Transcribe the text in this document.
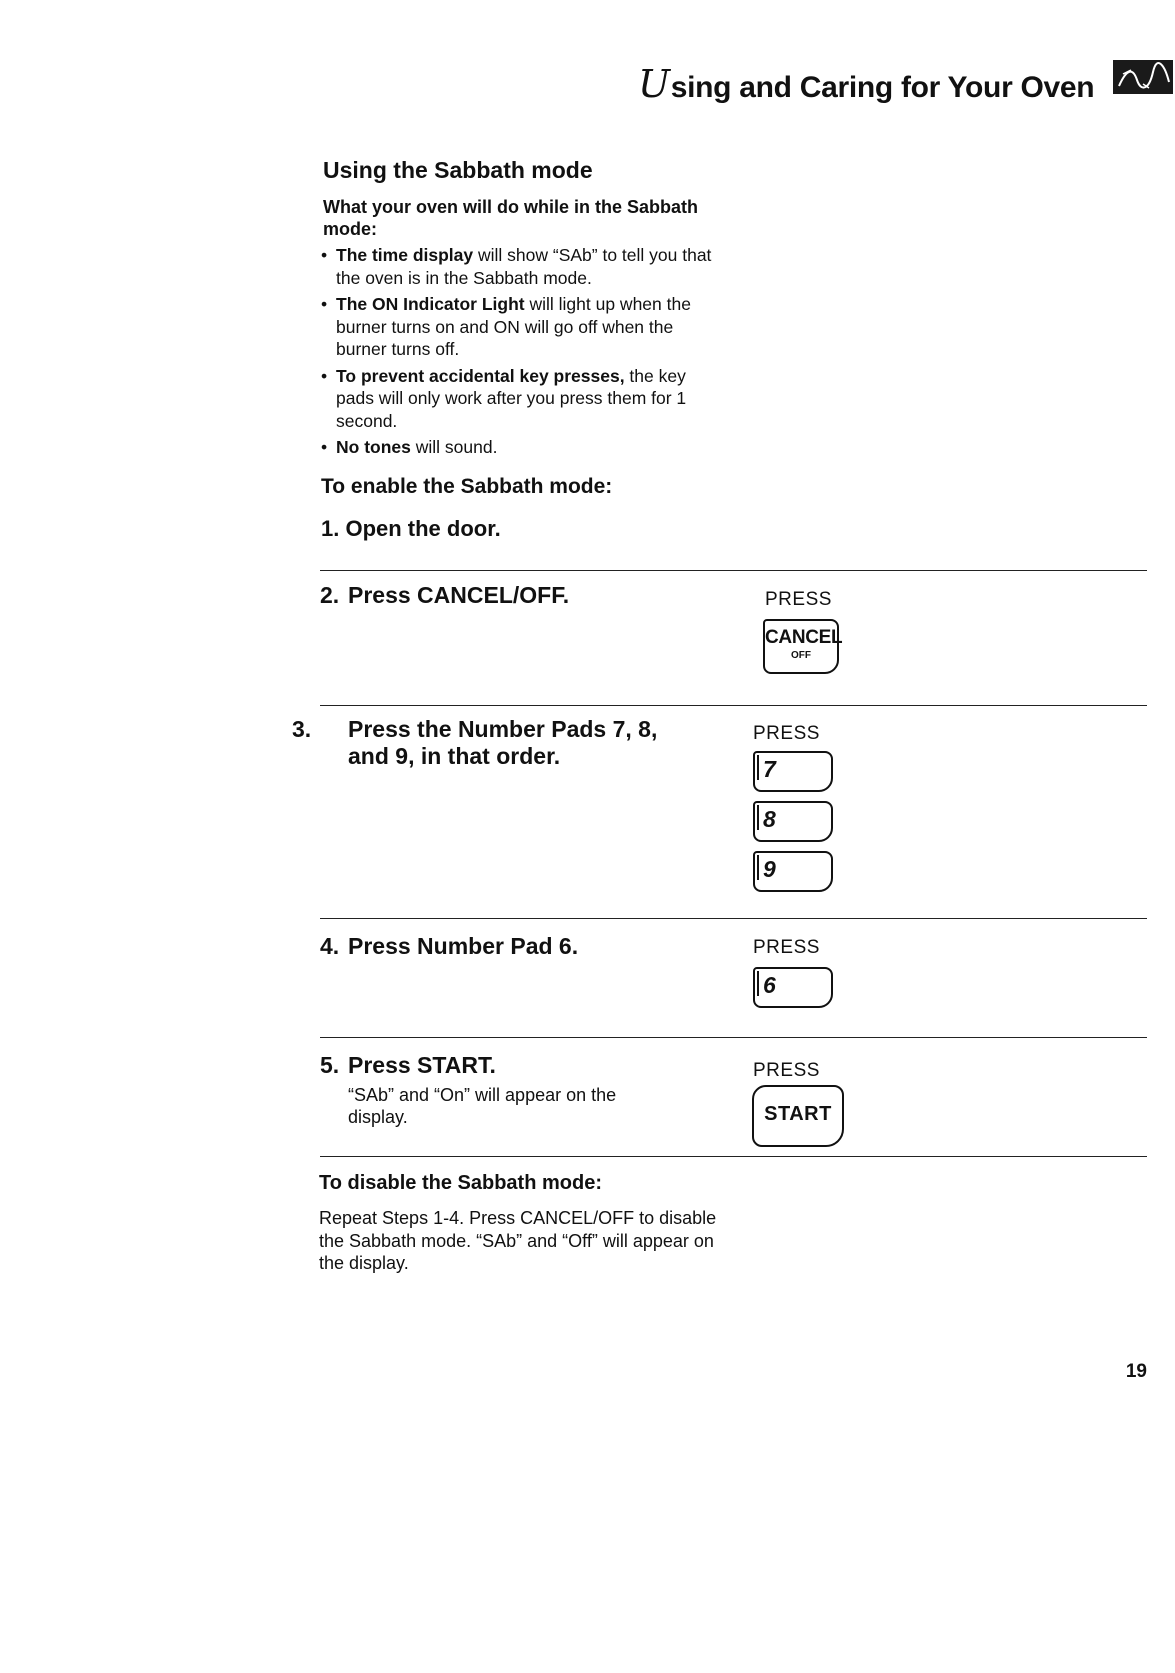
Using and Caring for Your Oven
Using the Sabbath mode
What your oven will do while in the Sabbath mode:
• The time display will show “SAb” to tell you that the oven is in the Sabbath mode.
• The ON Indicator Light will light up when the burner turns on and ON will go off when the burner turns off.
• To prevent accidental key presses, the key pads will only work after you press them for 1 second.
• No tones will sound.
To enable the Sabbath mode:
1. Open the door.
2. Press CANCEL/OFF.	PRESS
CANCEL
OFF
3. Press the Number Pads 7, 8, and 9, in that order.
PRESS
7
8
9
4. Press Number Pad 6.	PRESS
6
5. Press START.
“SAb” and “On” will appear on the display.
PRESS
START
To disable the Sabbath mode:
Repeat Steps 1-4. Press CANCEL/OFF to disable the Sabbath mode. “SAb” and “Off” will appear on the display.
19
